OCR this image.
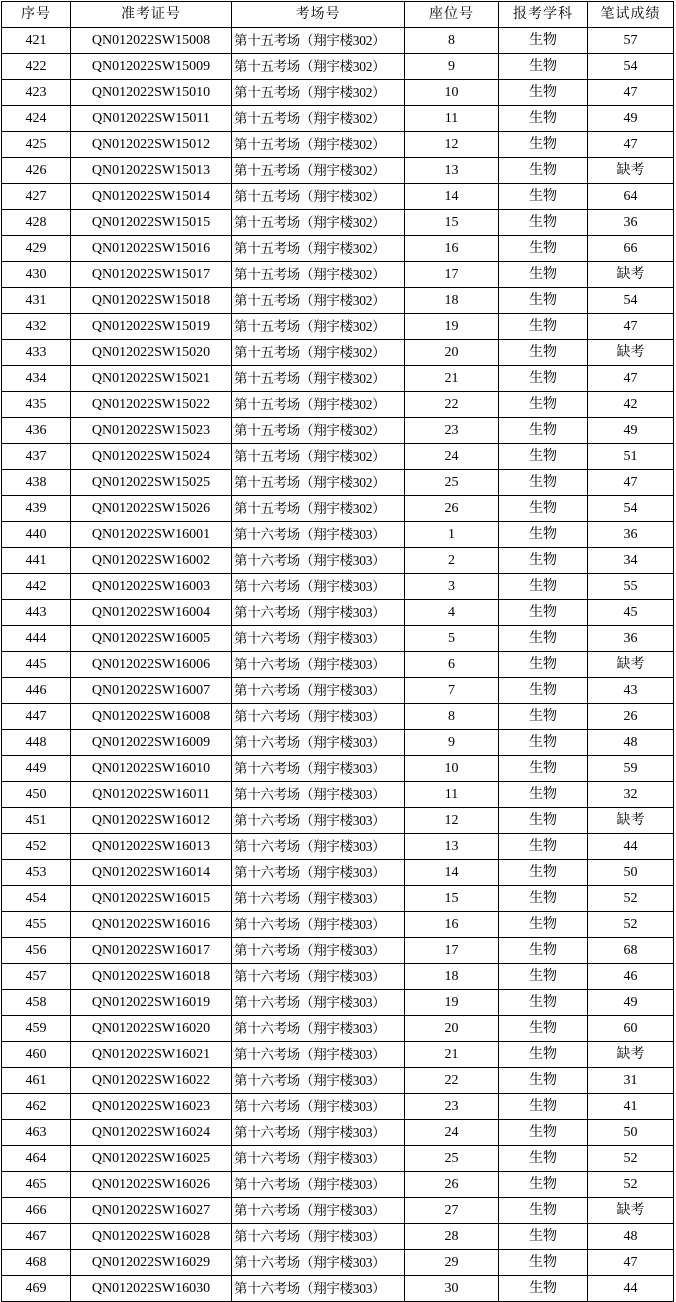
序号	准考证号	考场号	座位号	报考学科	笔试成绩
421	QN012022SW15008	第十五考场（翔宇楼302）	8	生物	57
422	QN012022SW15009	第十五考场（翔宇楼302）	9	生物	54
423	QN012022SW15010	第十五考场（翔宇楼302）	10	生物	47
424	QN012022SW15011	第十五考场（翔宇楼302）	11	生物	49
425	QN012022SW15012	第十五考场（翔宇楼302）	12	生物	47
426	QN012022SW15013	第十五考场（翔宇楼302）	13	生物	缺考
427	QN012022SW15014	第十五考场（翔宇楼302）	14	生物	64
428	QN012022SW15015	第十五考场（翔宇楼302）	15	生物	36
429	QN012022SW15016	第十五考场（翔宇楼302）	16	生物	66
430	QN012022SW15017	第十五考场（翔宇楼302）	17	生物	缺考
431	QN012022SW15018	第十五考场（翔宇楼302）	18	生物	54
432	QN012022SW15019	第十五考场（翔宇楼302）	19	生物	47
433	QN012022SW15020	第十五考场（翔宇楼302）	20	生物	缺考
434	QN012022SW15021	第十五考场（翔宇楼302）	21	生物	47
435	QN012022SW15022	第十五考场（翔宇楼302）	22	生物	42
436	QN012022SW15023	第十五考场（翔宇楼302）	23	生物	49
437	QN012022SW15024	第十五考场（翔宇楼302）	24	生物	51
438	QN012022SW15025	第十五考场（翔宇楼302）	25	生物	47
439	QN012022SW15026	第十五考场（翔宇楼302）	26	生物	54
440	QN012022SW16001	第十六考场（翔宇楼303）	1	生物	36
441	QN012022SW16002	第十六考场（翔宇楼303）	2	生物	34
442	QN012022SW16003	第十六考场（翔宇楼303）	3	生物	55
443	QN012022SW16004	第十六考场（翔宇楼303）	4	生物	45
444	QN012022SW16005	第十六考场（翔宇楼303）	5	生物	36
445	QN012022SW16006	第十六考场（翔宇楼303）	6	生物	缺考
446	QN012022SW16007	第十六考场（翔宇楼303）	7	生物	43
447	QN012022SW16008	第十六考场（翔宇楼303）	8	生物	26
448	QN012022SW16009	第十六考场（翔宇楼303）	9	生物	48
449	QN012022SW16010	第十六考场（翔宇楼303）	10	生物	59
450	QN012022SW16011	第十六考场（翔宇楼303）	11	生物	32
451	QN012022SW16012	第十六考场（翔宇楼303）	12	生物	缺考
452	QN012022SW16013	第十六考场（翔宇楼303）	13	生物	44
453	QN012022SW16014	第十六考场（翔宇楼303）	14	生物	50
454	QN012022SW16015	第十六考场（翔宇楼303）	15	生物	52
455	QN012022SW16016	第十六考场（翔宇楼303）	16	生物	52
456	QN012022SW16017	第十六考场（翔宇楼303）	17	生物	68
457	QN012022SW16018	第十六考场（翔宇楼303）	18	生物	46
458	QN012022SW16019	第十六考场（翔宇楼303）	19	生物	49
459	QN012022SW16020	第十六考场（翔宇楼303）	20	生物	60
460	QN012022SW16021	第十六考场（翔宇楼303）	21	生物	缺考
461	QN012022SW16022	第十六考场（翔宇楼303）	22	生物	31
462	QN012022SW16023	第十六考场（翔宇楼303）	23	生物	41
463	QN012022SW16024	第十六考场（翔宇楼303）	24	生物	50
464	QN012022SW16025	第十六考场（翔宇楼303）	25	生物	52
465	QN012022SW16026	第十六考场（翔宇楼303）	26	生物	52
466	QN012022SW16027	第十六考场（翔宇楼303）	27	生物	缺考
467	QN012022SW16028	第十六考场（翔宇楼303）	28	生物	48
468	QN012022SW16029	第十六考场（翔宇楼303）	29	生物	47
469	QN012022SW16030	第十六考场（翔宇楼303）	30	生物	44
